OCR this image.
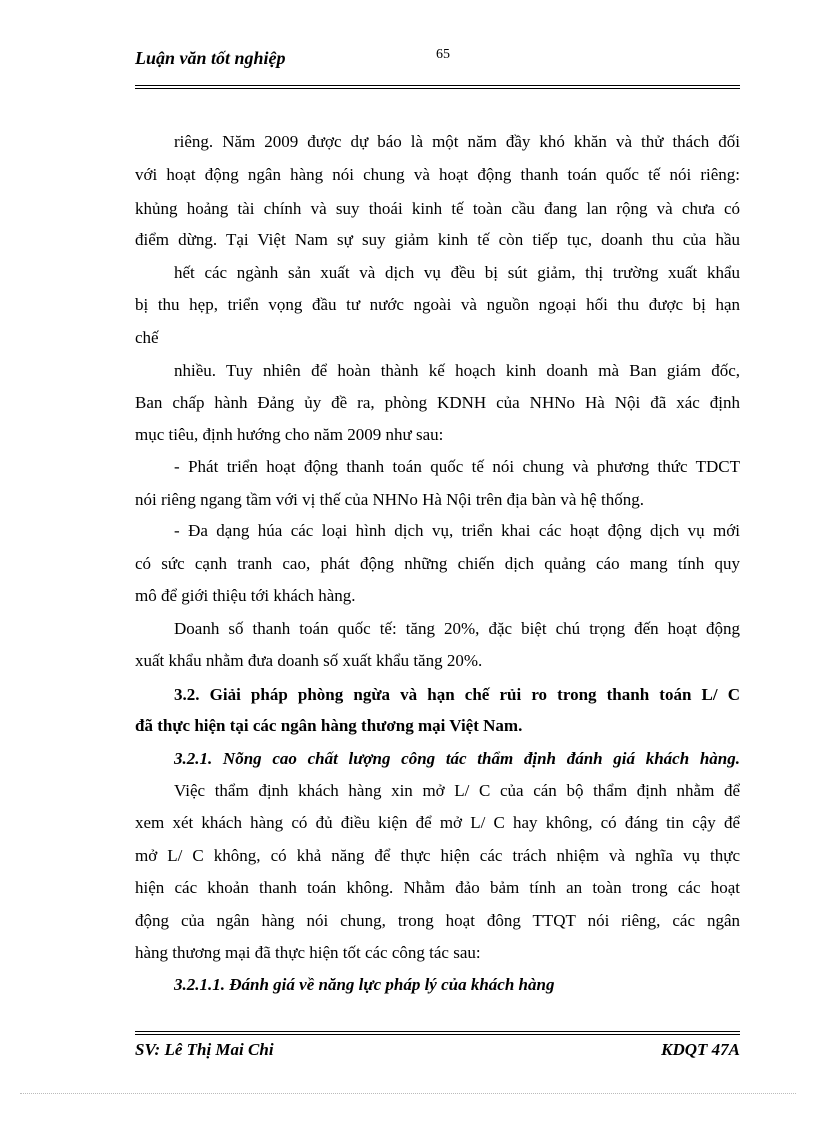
Luận văn tốt nghiệp	65
riêng. Năm 2009 được dự báo là một năm đầy khó khăn và thử thách đối
với hoạt động ngân hàng nói chung và hoạt động thanh toán quốc tế nói riêng:
khủng hoảng tài chính và suy thoái kinh tế toàn cầu đang lan rộng và chưa có
điểm dừng. Tại Việt Nam sự suy giảm kinh tế còn tiếp tục, doanh thu của hầu
hết các ngành sản xuất và dịch vụ đều bị sút giảm, thị trường xuất khẩu
bị thu hẹp, triển vọng đầu tư nước ngoài và nguồn ngoại hối thu được bị hạn
chế
nhiều. Tuy nhiên để hoàn thành kế hoạch kinh doanh mà Ban giám đốc,
Ban chấp hành Đảng ủy đề ra, phòng KDNH của NHNo Hà Nội đã xác định
mục tiêu, định hướng cho năm 2009 như sau:
- Phát triển hoạt động thanh toán quốc tế nói chung và phương thức TDCT
nói riêng ngang tầm với vị thế của NHNo Hà Nội trên địa bàn và hệ thống.
- Đa dạng húa các loại hình dịch vụ, triển khai các hoạt động dịch vụ mới
có sức cạnh tranh cao, phát động những chiến dịch quảng cáo mang tính quy
mô để giới thiệu tới khách hàng.
Doanh số thanh toán quốc tế: tăng 20%, đặc biệt chú trọng đến hoạt động
xuất khẩu nhằm đưa doanh số xuất khẩu tăng 20%.
3.2. Giải pháp phòng ngừa và hạn chế rủi ro trong thanh toán L/ C
đã thực hiện tại các ngân hàng thương mại Việt Nam.
3.2.1. Nõng cao chất lượng công tác thẩm định đánh giá khách hàng.
Việc thẩm định khách hàng xin mở L/ C của cán bộ thẩm định nhằm để
xem xét khách hàng có đủ điều kiện để mở L/ C hay không, có đáng tin cậy để
mở L/ C không, có khả năng để thực hiện các trách nhiệm và nghĩa vụ thực
hiện các khoản thanh toán không. Nhằm đảo bảm tính an toàn trong các hoạt
động của ngân hàng nói chung, trong hoạt đông TTQT nói riêng, các ngân
hàng thương mại đã thực hiện tốt các công tác sau:
3.2.1.1. Đánh giá về năng lực pháp lý của khách hàng
SV: Lê Thị Mai Chi	KDQT 47A
